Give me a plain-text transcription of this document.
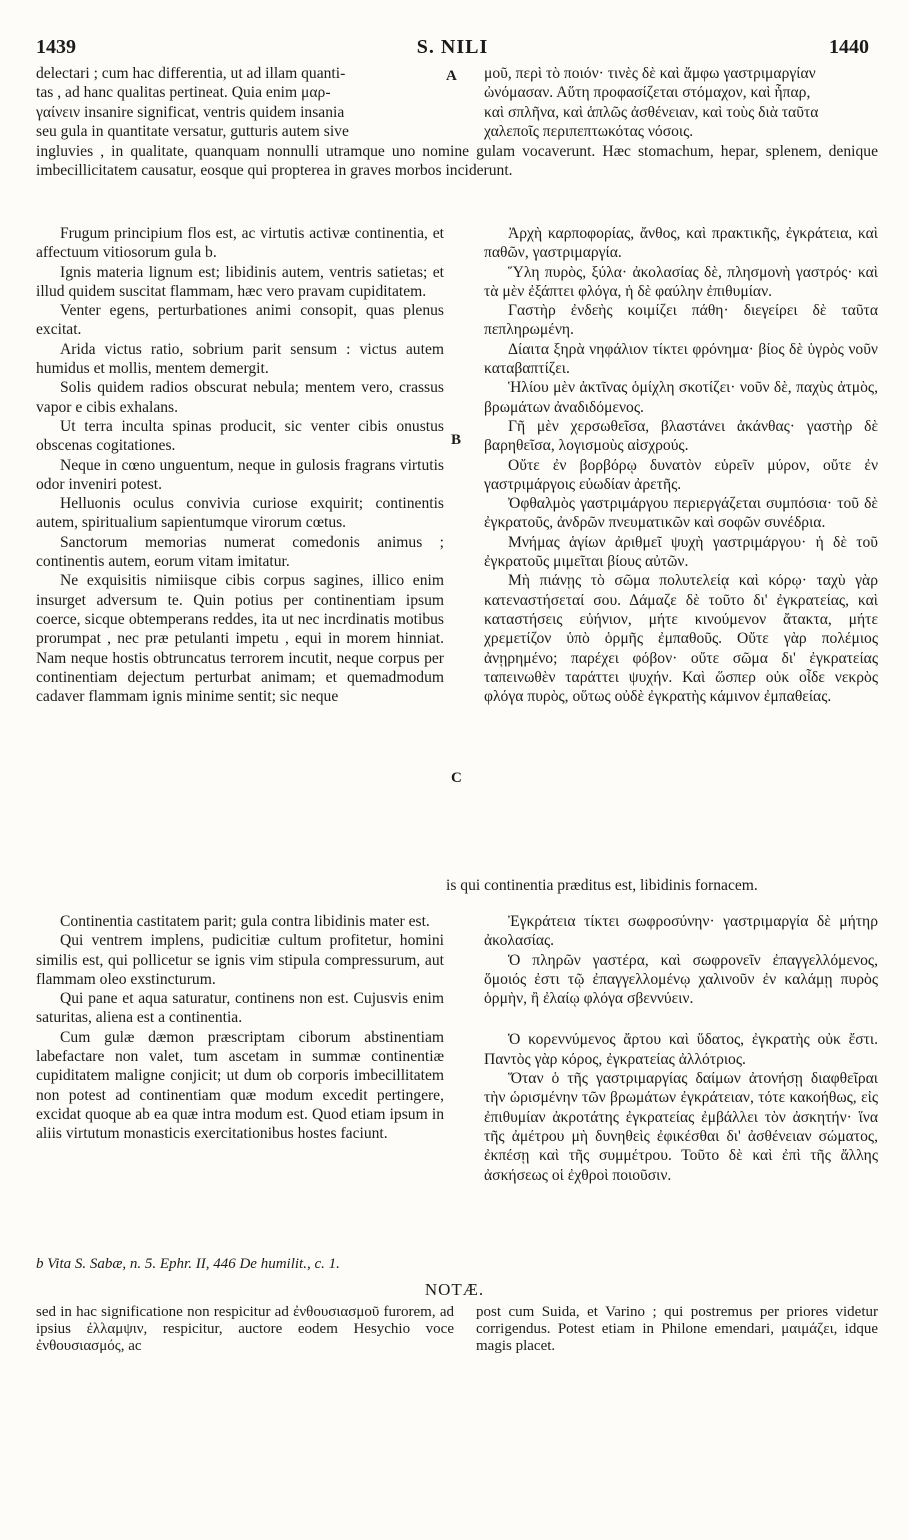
1439	S. NILI	1440
A
B
C

delectari ; cum hac differentia, ut ad illam quanti-

tas , ad hanc qualitas pertineat. Quia enim μαρ-

γαίνειν insanire significat, ventris quidem insania

seu gula in quantitate versatur, gutturis autem sive

μοῦ, περὶ τὸ ποιόν· τινὲς δὲ καὶ ἄμφω γαστριμαργίαν

ὠνόμασαν. Αὕτη προφασίζεται στόμαχον, καὶ ἧπαρ,

καὶ σπλῆνα, καὶ ἁπλῶς ἀσθένειαν, καὶ τοὺς διὰ ταῦτα

χαλεποῖς περιπεπτωκότας νόσοις.

ingluvies , in qualitate, quanquam nonnulli utramque uno nomine gulam vocaverunt. Hæc stomachum, hepar, splenem, denique imbecillicitatem causatur, eosque qui propterea in graves morbos inciderunt.

Frugum principium flos est, ac virtutis activæ continentia, et affectuum vitiosorum gula b.

Ignis materia lignum est; libidinis autem, ventris satietas; et illud quidem suscitat flammam, hæc vero pravam cupiditatem.

Venter egens, perturbationes animi consopit, quas plenus excitat.

Arida victus ratio, sobrium parit sensum : victus autem humidus et mollis, mentem demergit.

Solis quidem radios obscurat nebula; mentem vero, crassus vapor e cibis exhalans.

Ut terra inculta spinas producit, sic venter cibis onustus obscenas cogitationes.

Neque in cœno unguentum, neque in gulosis fragrans virtutis odor inveniri potest.

Helluonis oculus convivia curiose exquirit; continentis autem, spiritualium sapientumque virorum cœtus.

Sanctorum memorias numerat comedonis animus ; continentis autem, eorum vitam imitatur.

Ne exquisitis nimiisque cibis corpus sagines, illico enim insurget adversum te. Quin potius per continentiam ipsum coerce, sicque obtemperans reddes, ita ut nec incrdinatis motibus prorumpat , nec præ petulanti impetu , equi in morem hinniat. Nam neque hostis obtruncatus terrorem incutit, neque corpus per continentiam dejectum perturbat animam; et quemadmodum cadaver flammam ignis minime sentit; sic neque

Ἀρχὴ καρποφορίας, ἄνθος, καὶ πρακτικῆς, ἐγκράτεια, καὶ παθῶν, γαστριμαργία.

Ὕλη πυρὸς, ξύλα· ἀκολασίας δὲ, πλησμονὴ γαστρός· καὶ τὰ μὲν ἐξάπτει φλόγα, ἡ δὲ φαύλην ἐπιθυμίαν.

Γαστὴρ ἐνδεὴς κοιμίζει πάθη· διεγείρει δὲ ταῦτα πεπληρωμένη.

Δίαιτα ξηρὰ νηφάλιον τίκτει φρόνημα· βίος δὲ ὑγρὸς νοῦν καταβαπτίζει.

Ἡλίου μὲν ἀκτῖνας ὁμίχλη σκοτίζει· νοῦν δὲ, παχὺς ἀτμὸς, βρωμάτων ἀναδιδόμενος.

Γῆ μὲν χερσωθεῖσα, βλαστάνει ἀκάνθας· γαστὴρ δὲ βαρηθεῖσα, λογισμοὺς αἰσχρούς.

Οὔτε ἐν βορβόρῳ δυνατὸν εὑρεῖν μύρον, οὔτε ἐν γαστριμάργοις εὐωδίαν ἀρετῆς.

Ὀφθαλμὸς γαστριμάργου περιεργάζεται συμπόσια· τοῦ δὲ ἐγκρατοῦς, ἀνδρῶν πνευματικῶν καὶ σοφῶν συνέδρια.

Μνήμας ἁγίων ἀριθμεῖ ψυχὴ γαστριμάργου· ἡ δὲ τοῦ ἐγκρατοῦς μιμεῖται βίους αὐτῶν.

Μὴ πιάνῃς τὸ σῶμα πολυτελείᾳ καὶ κόρῳ· ταχὺ γὰρ κατεναστήσεταί σου. Δάμαζε δὲ τοῦτο δι' ἐγκρατείας, καὶ καταστήσεις εὐήνιον, μήτε κινούμενον ἄτακτα, μήτε χρεμετίζον ὑπὸ ὁρμῆς ἐμπαθοῦς. Οὔτε γὰρ πολέμιος ἀνῃρημένο; παρέχει φόβον· οὔτε σῶμα δι' ἐγκρατείας ταπεινωθὲν ταράττει ψυχήν. Καὶ ὥσπερ οὐκ οἶδε νεκρὸς φλόγα πυρὸς, οὕτως οὐδὲ ἐγκρατὴς κάμινον ἐμπαθείας.

is qui continentia præditus est, libidinis fornacem.

Continentia castitatem parit; gula contra libidinis mater est.

Qui ventrem implens, pudicitiæ cultum profitetur, homini similis est, qui pollicetur se ignis vim stipula compressurum, aut flammam oleo exstincturum.

Qui pane et aqua saturatur, continens non est. Cujusvis enim saturitas, aliena est a continentia.

Cum gulæ dæmon præscriptam ciborum abstinentiam labefactare non valet, tum ascetam in summæ continentiæ cupiditatem maligne conjicit; ut dum ob corporis imbecillitatem non potest ad continentiam quæ modum excedit pertingere, excidat quoque ab ea quæ intra modum est. Quod etiam ipsum in aliis virtutum monasticis exercitationibus hostes faciunt.

Ἐγκράτεια τίκτει σωφροσύνην· γαστριμαργία δὲ μήτηρ ἀκολασίας.

Ὁ πληρῶν γαστέρα, καὶ σωφρονεῖν ἐπαγγελλόμενος, ὅμοιός ἐστι τῷ ἐπαγγελλομένῳ χαλινοῦν ἐν καλάμῃ πυρὸς ὁρμὴν, ἢ ἐλαίῳ φλόγα σβεννύειν.

Ὁ κορεννύμενος ἄρτου καὶ ὕδατος, ἐγκρατὴς οὐκ ἔστι. Παντὸς γὰρ κόρος, ἐγκρατείας ἀλλότριος.

Ὅταν ὁ τῆς γαστριμαργίας δαίμων ἀτονήσῃ διαφθεῖραι τὴν ὡρισμένην τῶν βρωμάτων ἐγκράτειαν, τότε κακοήθως, εἰς ἐπιθυμίαν ἀκροτάτης ἐγκρατείας ἐμβάλλει τὸν ἀσκητήν· ἵνα τῆς ἀμέτρου μὴ δυνηθεὶς ἐφικέσθαι δι' ἀσθένειαν σώματος, ἐκπέσῃ καὶ τῆς συμμέτρου. Τοῦτο δὲ καὶ ἐπὶ τῆς ἄλλης ἀσκήσεως οἱ ἐχθροὶ ποιοῦσιν.

b Vita S. Sabæ, n. 5. Ephr. II, 446 De humilit., c. 1.
NOTÆ.
sed in hac significatione non respicitur ad ἐνθουσιασμοῦ furorem, ad ipsius ἐλλαμψιν, respicitur, auctore eodem Hesychio voce ἐνθουσιασμός, ac
post cum Suida, et Varino ; qui postremus per priores videtur corrigendus. Potest etiam in Philone emendari, μαιμάζει, idque magis placet.
